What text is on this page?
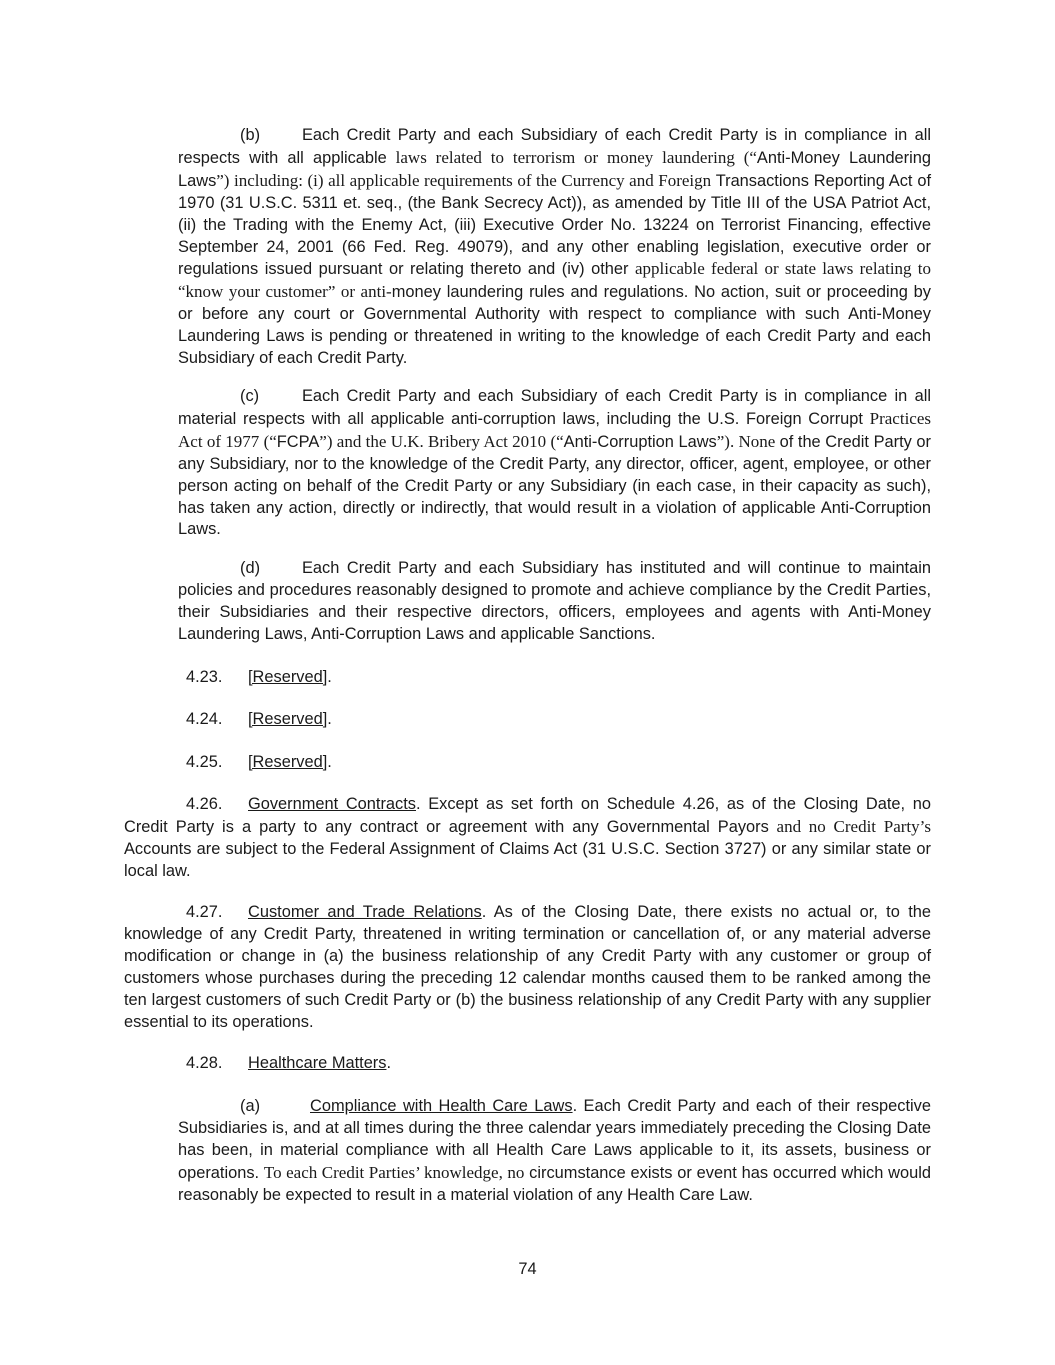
(b)	Each Credit Party and each Subsidiary of each Credit Party is in compliance in all respects with all applicable laws related to terrorism or money laundering (“Anti-Money Laundering Laws”) including: (i) all applicable requirements of the Currency and Foreign Transactions Reporting Act of 1970 (31 U.S.C. 5311 et. seq., (the Bank Secrecy Act)), as amended by Title III of the USA Patriot Act, (ii) the Trading with the Enemy Act, (iii) Executive Order No. 13224 on Terrorist Financing, effective September 24, 2001 (66 Fed. Reg. 49079), and any other enabling legislation, executive order or regulations issued pursuant or relating thereto and (iv) other applicable federal or state laws relating to “know your customer” or anti-money laundering rules and regulations. No action, suit or proceeding by or before any court or Governmental Authority with respect to compliance with such Anti-Money Laundering Laws is pending or threatened in writing to the knowledge of each Credit Party and each Subsidiary of each Credit Party.

(c)	Each Credit Party and each Subsidiary of each Credit Party is in compliance in all material respects with all applicable anti-corruption laws, including the U.S. Foreign Corrupt Practices Act of 1977 (“FCPA”) and the U.K. Bribery Act 2010 (“Anti-Corruption Laws”). None of the Credit Party or any Subsidiary, nor to the knowledge of the Credit Party, any director, officer, agent, employee, or other person acting on behalf of the Credit Party or any Subsidiary (in each case, in their capacity as such), has taken any action, directly or indirectly, that would result in a violation of applicable Anti-Corruption Laws.

(d)	Each Credit Party and each Subsidiary has instituted and will continue to maintain policies and procedures reasonably designed to promote and achieve compliance by the Credit Parties, their Subsidiaries and their respective directors, officers, employees and agents with Anti-Money Laundering Laws, Anti-Corruption Laws and applicable Sanctions.

4.23. [Reserved].

4.24. [Reserved].

4.25. [Reserved].

4.26. Government Contracts. Except as set forth on Schedule 4.26, as of the Closing Date, no Credit Party is a party to any contract or agreement with any Governmental Payors and no Credit Party’s Accounts are subject to the Federal Assignment of Claims Act (31 U.S.C. Section 3727) or any similar state or local law.

4.27. Customer and Trade Relations. As of the Closing Date, there exists no actual or, to the knowledge of any Credit Party, threatened in writing termination or cancellation of, or any material adverse modification or change in (a) the business relationship of any Credit Party with any customer or group of customers whose purchases during the preceding 12 calendar months caused them to be ranked among the ten largest customers of such Credit Party or (b) the business relationship of any Credit Party with any supplier essential to its operations.

4.28. Healthcare Matters.

(a)	Compliance with Health Care Laws. Each Credit Party and each of their respective Subsidiaries is, and at all times during the three calendar years immediately preceding the Closing Date has been, in material compliance with all Health Care Laws applicable to it, its assets, business or operations. To each Credit Parties’ knowledge, no circumstance exists or event has occurred which would reasonably be expected to result in a material violation of any Health Care Law.

74
